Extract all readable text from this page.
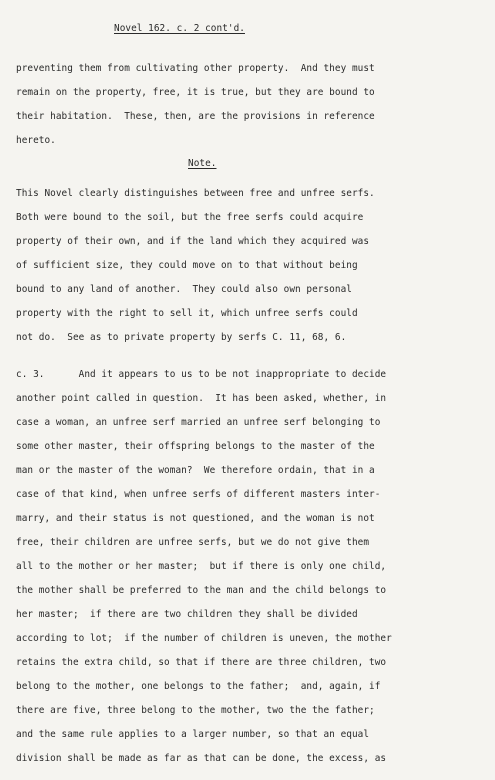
Novel 162. c. 2 cont'd.
preventing them from cultivating other property.  And they must
remain on the property, free, it is true, but they are bound to
their habitation.  These, then, are the provisions in reference
hereto.
Note.
This Novel clearly distinguishes between free and unfree serfs.
Both were bound to the soil, but the free serfs could acquire
property of their own, and if the land which they acquired was
of sufficient size, they could move on to that without being
bound to any land of another.  They could also own personal
property with the right to sell it, which unfree serfs could
not do.  See as to private property by serfs C. 11, 68, 6.
c. 3.      And it appears to us to be not inappropriate to decide
another point called in question.  It has been asked, whether, in
case a woman, an unfree serf married an unfree serf belonging to
some other master, their offspring belongs to the master of the
man or the master of the woman?  We therefore ordain, that in a
case of that kind, when unfree serfs of different masters inter-
marry, and their status is not questioned, and the woman is not
free, their children are unfree serfs, but we do not give them
all to the mother or her master;  but if there is only one child,
the mother shall be preferred to the man and the child belongs to
her master;  if there are two children they shall be divided
according to lot;  if the number of children is uneven, the mother
retains the extra child, so that if there are three children, two
belong to the mother, one belongs to the father;  and, again, if
there are five, three belong to the mother, two the the father;
and the same rule applies to a larger number, so that an equal
division shall be made as far as that can be done, the excess, as
